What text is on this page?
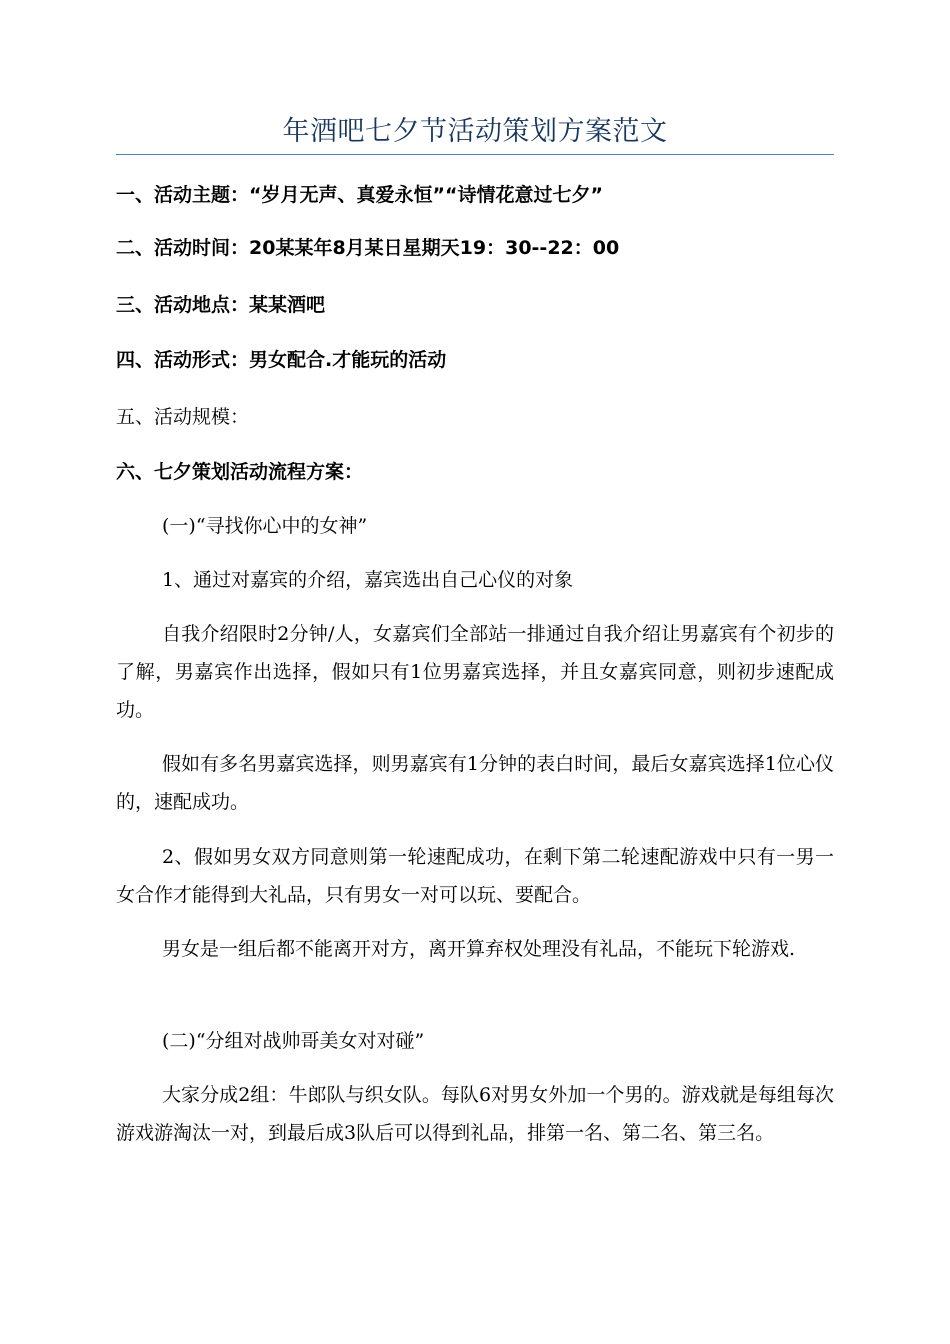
年酒吧七夕节活动策划方案范文
一、活动主题：“岁月无声、真爱永恒”“诗情花意过七夕”
二、活动时间：20某某年8月某日星期天19：30--22：00
三、活动地点：某某酒吧
四、活动形式：男女配合.才能玩的活动
五、活动规模：
六、七夕策划活动流程方案：
(一)“寻找你心中的女神”
1、通过对嘉宾的介绍，嘉宾选出自己心仪的对象
自我介绍限时2分钟/人，女嘉宾们全部站一排通过自我介绍让男嘉宾有个初步的了解，男嘉宾作出选择，假如只有1位男嘉宾选择，并且女嘉宾同意，则初步速配成功。
假如有多名男嘉宾选择，则男嘉宾有1分钟的表白时间，最后女嘉宾选择1位心仪的，速配成功。
2、假如男女双方同意则第一轮速配成功，在剩下第二轮速配游戏中只有一男一女合作才能得到大礼品，只有男女一对可以玩、要配合。
男女是一组后都不能离开对方，离开算弃权处理没有礼品，不能玩下轮游戏.
(二)“分组对战帅哥美女对对碰”
大家分成2组：牛郎队与织女队。每队6对男女外加一个男的。游戏就是每组每次游戏游淘汰一对，到最后成3队后可以得到礼品，排第一名、第二名、第三名。
